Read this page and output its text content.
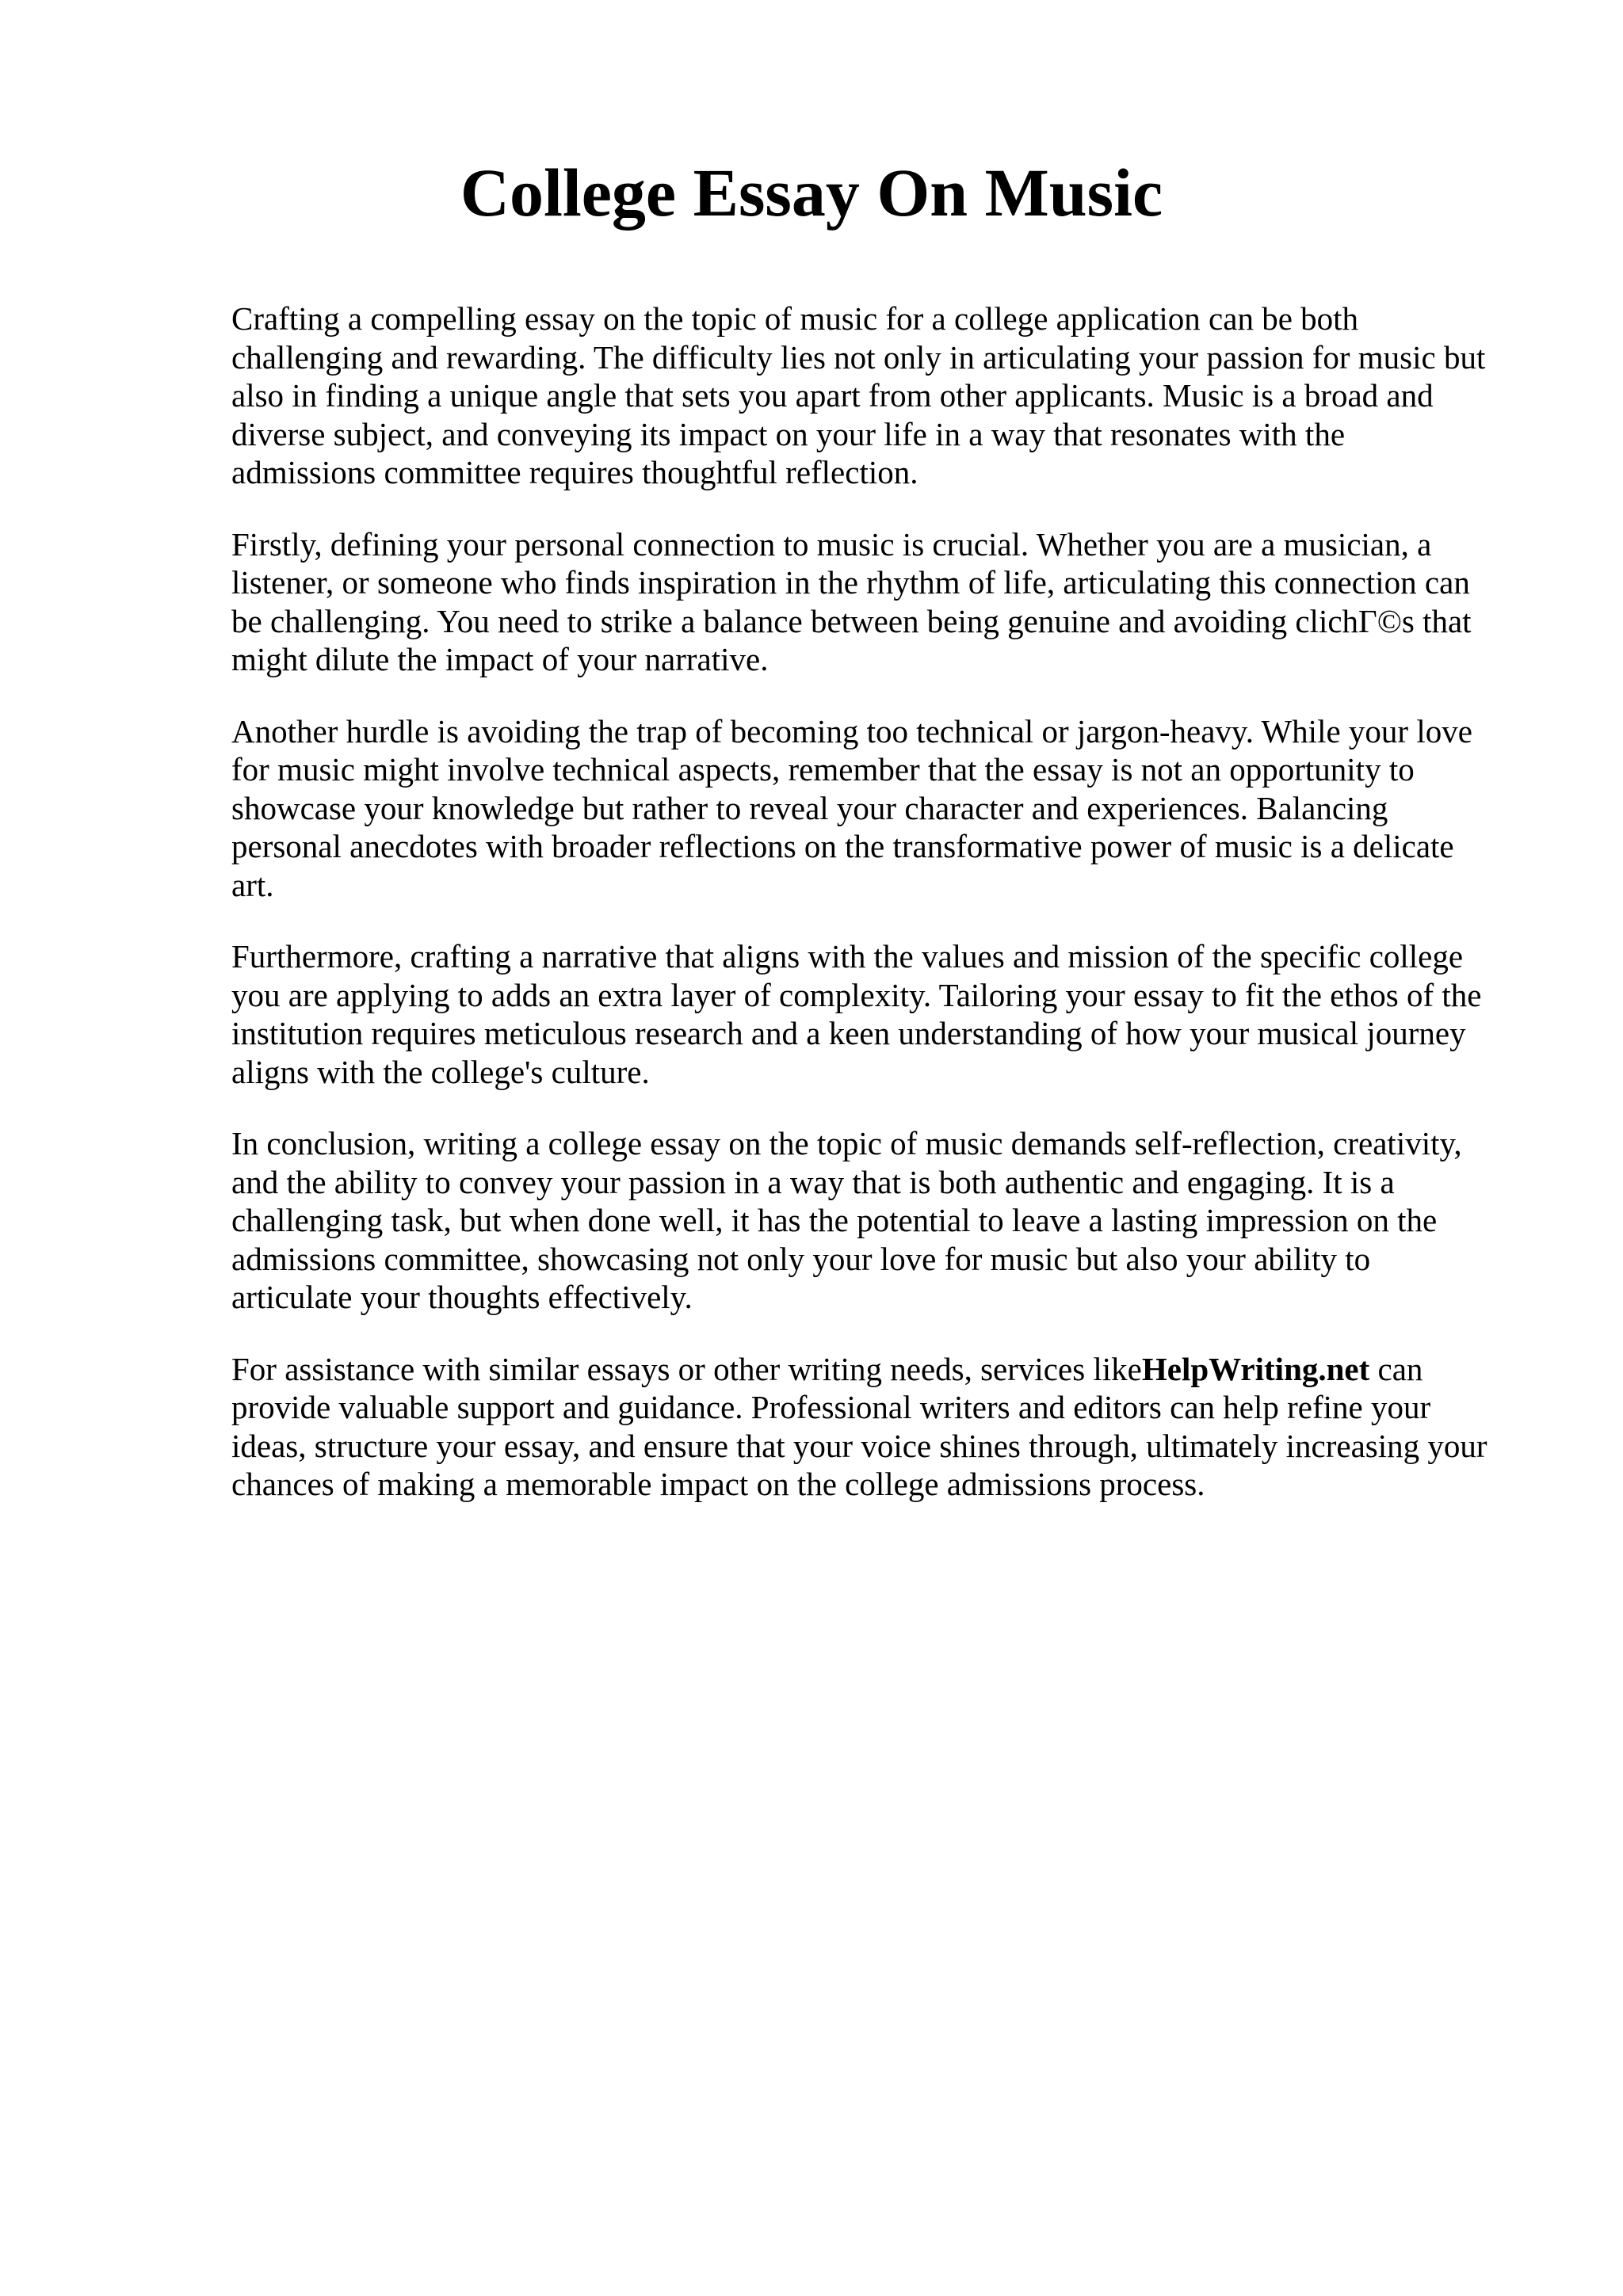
College Essay On Music

Crafting a compelling essay on the topic of music for a college application can be both
challenging and rewarding. The difficulty lies not only in articulating your passion for music but
also in finding a unique angle that sets you apart from other applicants. Music is a broad and
diverse subject, and conveying its impact on your life in a way that resonates with the
admissions committee requires thoughtful reflection.

Firstly, defining your personal connection to music is crucial. Whether you are a musician, a
listener, or someone who finds inspiration in the rhythm of life, articulating this connection can
be challenging. You need to strike a balance between being genuine and avoiding clichΓ©s that
might dilute the impact of your narrative.

Another hurdle is avoiding the trap of becoming too technical or jargon-heavy. While your love
for music might involve technical aspects, remember that the essay is not an opportunity to
showcase your knowledge but rather to reveal your character and experiences. Balancing
personal anecdotes with broader reflections on the transformative power of music is a delicate
art.

Furthermore, crafting a narrative that aligns with the values and mission of the specific college
you are applying to adds an extra layer of complexity. Tailoring your essay to fit the ethos of the
institution requires meticulous research and a keen understanding of how your musical journey
aligns with the college's culture.

In conclusion, writing a college essay on the topic of music demands self-reflection, creativity,
and the ability to convey your passion in a way that is both authentic and engaging. It is a
challenging task, but when done well, it has the potential to leave a lasting impression on the
admissions committee, showcasing not only your love for music but also your ability to
articulate your thoughts effectively.

For assistance with similar essays or other writing needs, services likeHelpWriting.net can
provide valuable support and guidance. Professional writers and editors can help refine your
ideas, structure your essay, and ensure that your voice shines through, ultimately increasing your
chances of making a memorable impact on the college admissions process.
